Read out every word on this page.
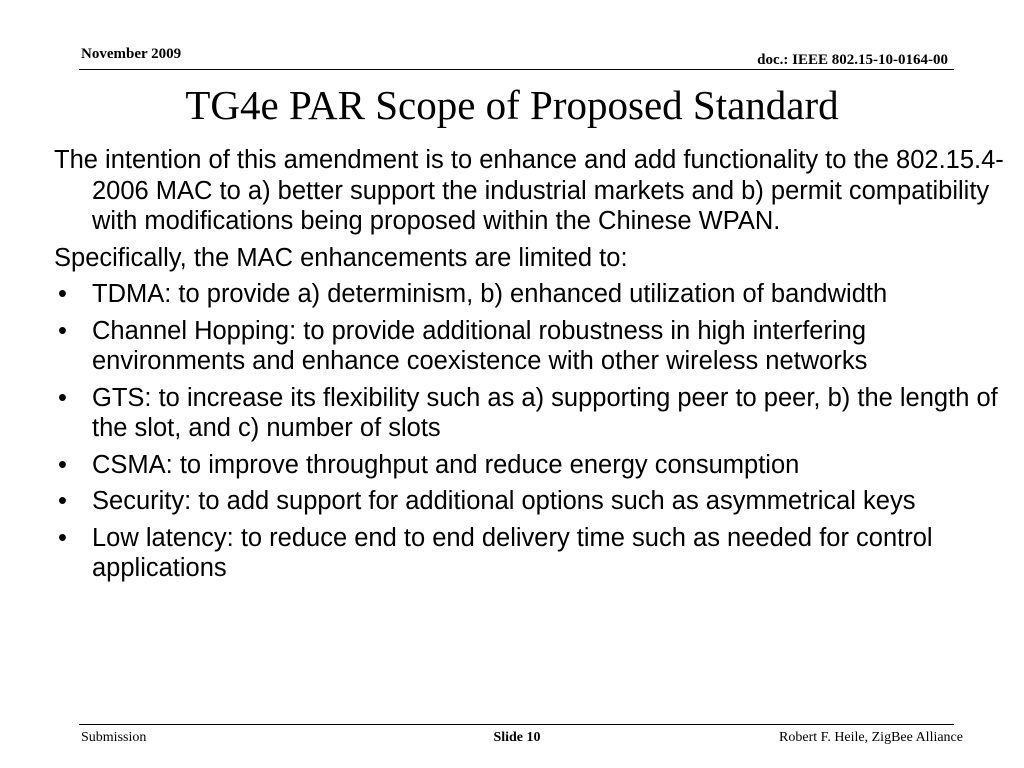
November 2009	doc.: IEEE 802.15-10-0164-00
TG4e PAR Scope of Proposed Standard

The intention of this amendment is to enhance and add functionality to the 802.15.4-2006 MAC to a) better support the industrial markets and b) permit compatibility with modifications being proposed within the Chinese WPAN.

Specifically, the MAC enhancements are limited to:

• TDMA: to provide a) determinism, b) enhanced utilization of bandwidth
• Channel Hopping: to provide additional robustness in high interfering environments and enhance coexistence with other wireless networks
• GTS: to increase its flexibility such as a) supporting peer to peer, b) the length of the slot, and c) number of slots
• CSMA: to improve throughput and reduce energy consumption
• Security: to add support for additional options such as asymmetrical keys
• Low latency: to reduce end to end delivery time such as needed for control applications
Submission	Slide 10	Robert F. Heile, ZigBee Alliance
